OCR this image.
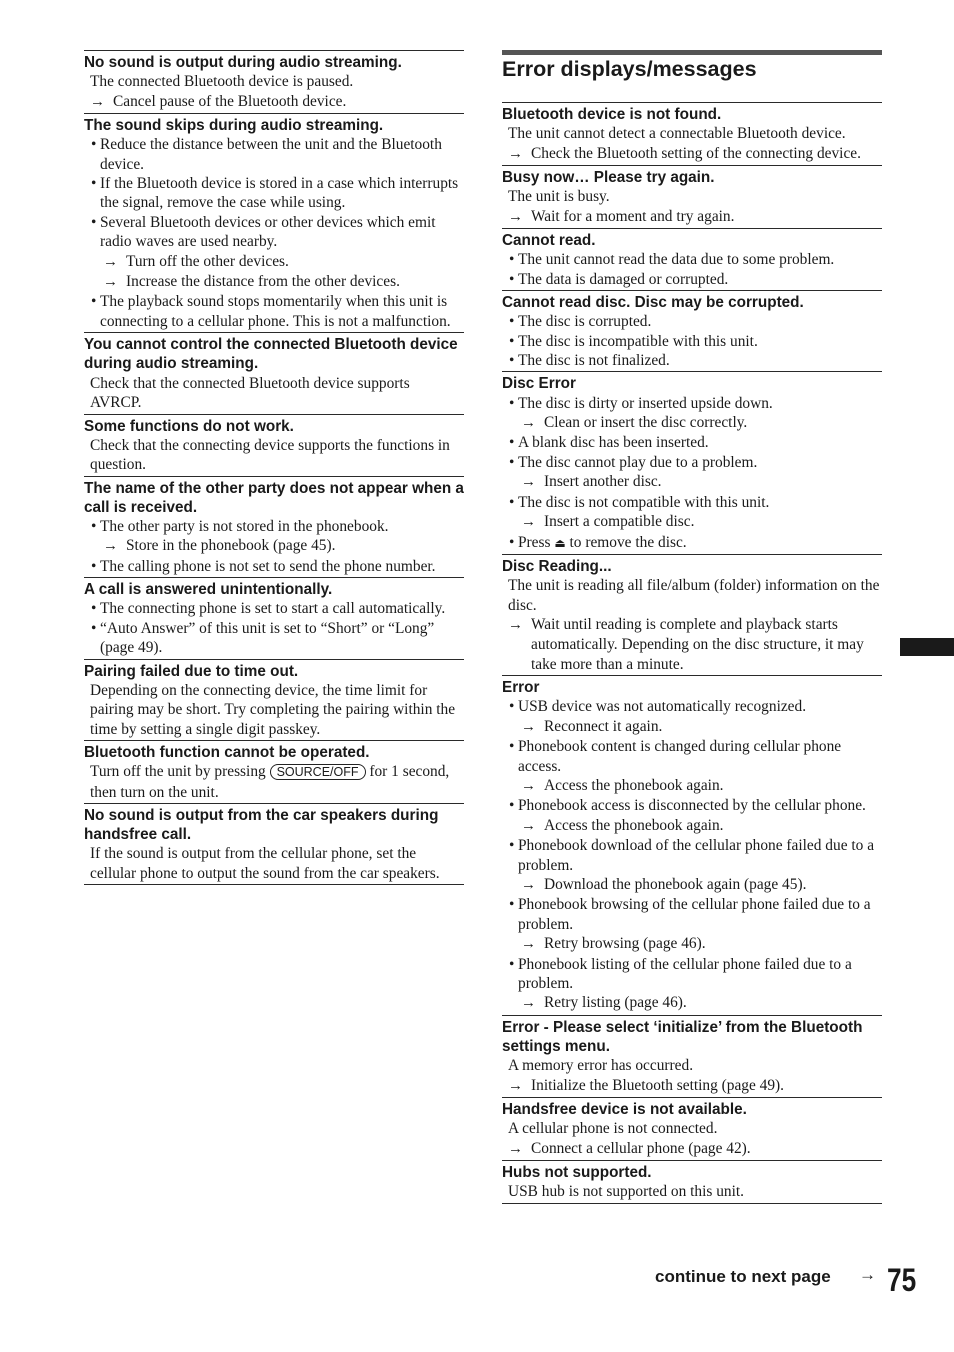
No sound is output during audio streaming.
The connected Bluetooth device is paused.
→Cancel pause of the Bluetooth device.
The sound skips during audio streaming.
• Reduce the distance between the unit and the Bluetooth device.
• If the Bluetooth device is stored in a case which interrupts the signal, remove the case while using.
• Several Bluetooth devices or other devices which emit radio waves are used nearby.
→Turn off the other devices.
→Increase the distance from the other devices.
• The playback sound stops momentarily when this unit is connecting to a cellular phone. This is not a malfunction.
You cannot control the connected Bluetooth device during audio streaming.
Check that the connected Bluetooth device supports AVRCP.
Some functions do not work.
Check that the connecting device supports the functions in question.
The name of the other party does not appear when a call is received.
• The other party is not stored in the phonebook.
→Store in the phonebook (page 45).
• The calling phone is not set to send the phone number.
A call is answered unintentionally.
• The connecting phone is set to start a call automatically.
• “Auto Answer” of this unit is set to “Short” or “Long” (page 49).
Pairing failed due to time out.
Depending on the connecting device, the time limit for pairing may be short. Try completing the pairing within the time by setting a single digit passkey.
Bluetooth function cannot be operated.
Turn off the unit by pressing SOURCE/OFF for 1 second, then turn on the unit.
No sound is output from the car speakers during handsfree call.
If the sound is output from the cellular phone, set the cellular phone to output the sound from the car speakers.
Error displays/messages
Bluetooth device is not found.
The unit cannot detect a connectable Bluetooth device.
→Check the Bluetooth setting of the connecting device.
Busy now… Please try again.
The unit is busy.
→Wait for a moment and try again.
Cannot read.
• The unit cannot read the data due to some problem.
• The data is damaged or corrupted.
Cannot read disc. Disc may be corrupted.
• The disc is corrupted.
• The disc is incompatible with this unit.
• The disc is not finalized.
Disc Error
• The disc is dirty or inserted upside down.
→Clean or insert the disc correctly.
• A blank disc has been inserted.
• The disc cannot play due to a problem.
→Insert another disc.
• The disc is not compatible with this unit.
→Insert a compatible disc.
• Press ⏏ to remove the disc.
Disc Reading...
The unit is reading all file/album (folder) information on the disc.
→Wait until reading is complete and playback starts automatically. Depending on the disc structure, it may take more than a minute.
Error
• USB device was not automatically recognized.
→Reconnect it again.
• Phonebook content is changed during cellular phone access.
→Access the phonebook again.
• Phonebook access is disconnected by the cellular phone.
→Access the phonebook again.
• Phonebook download of the cellular phone failed due to a problem.
→Download the phonebook again (page 45).
• Phonebook browsing of the cellular phone failed due to a problem.
→Retry browsing (page 46).
• Phonebook listing of the cellular phone failed due to a problem.
→Retry listing (page 46).
Error - Please select ‘initialize’ from the Bluetooth settings menu.
A memory error has occurred.
→Initialize the Bluetooth setting (page 49).
Handsfree device is not available.
A cellular phone is not connected.
→Connect a cellular phone (page 42).
Hubs not supported.
USB hub is not supported on this unit.
continue to next page → 75
